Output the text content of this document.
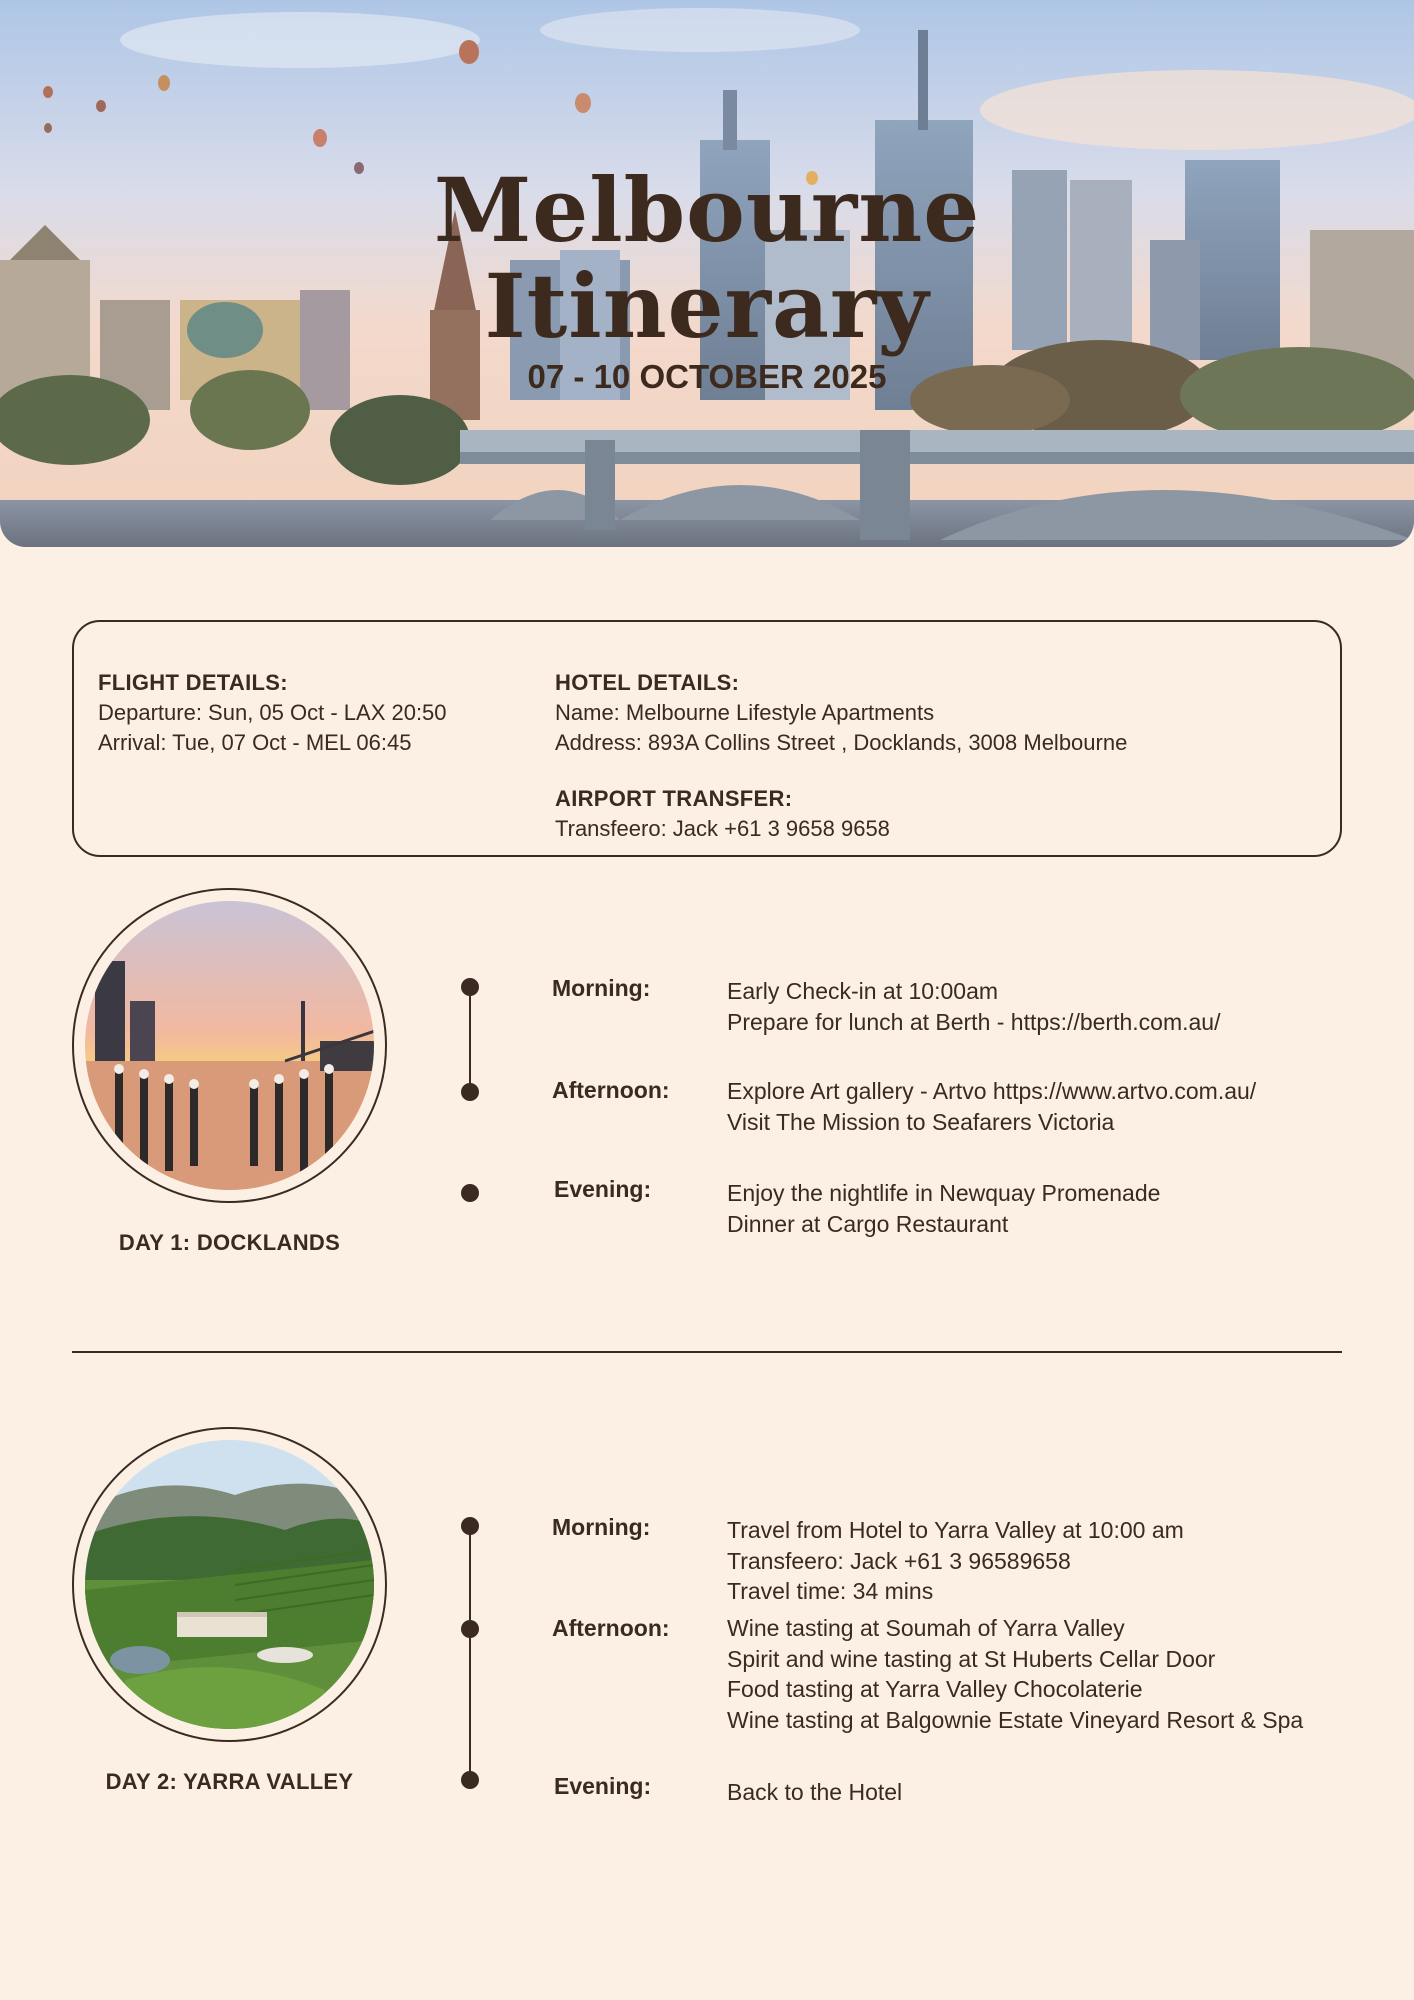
Melbourne
Itinerary
07 - 10 OCTOBER 2025
FLIGHT DETAILS:
Departure: Sun, 05 Oct - LAX 20:50
Arrival: Tue, 07 Oct - MEL 06:45
HOTEL DETAILS:
Name: Melbourne Lifestyle Apartments
Address: 893A Collins Street , Docklands, 3008 Melbourne
AIRPORT TRANSFER:
Transfeero: Jack +61 3 9658 9658
DAY 1: DOCKLANDS
Morning:	Early Check-in at 10:00am
Prepare for lunch at Berth - https://berth.com.au/
Afternoon:	Explore Art gallery - Artvo https://www.artvo.com.au/
Visit The Mission to Seafarers Victoria
Evening:	Enjoy the nightlife in Newquay Promenade
Dinner at Cargo Restaurant
DAY 2: YARRA VALLEY
Morning:	Travel from Hotel to Yarra Valley at 10:00 am
Transfeero: Jack +61 3 96589658
Travel time: 34 mins
Afternoon:	Wine tasting at Soumah of Yarra Valley
Spirit and wine tasting at St Huberts Cellar Door
Food tasting at Yarra Valley Chocolaterie
Wine tasting at Balgownie Estate Vineyard Resort & Spa
Evening:	Back to the Hotel
